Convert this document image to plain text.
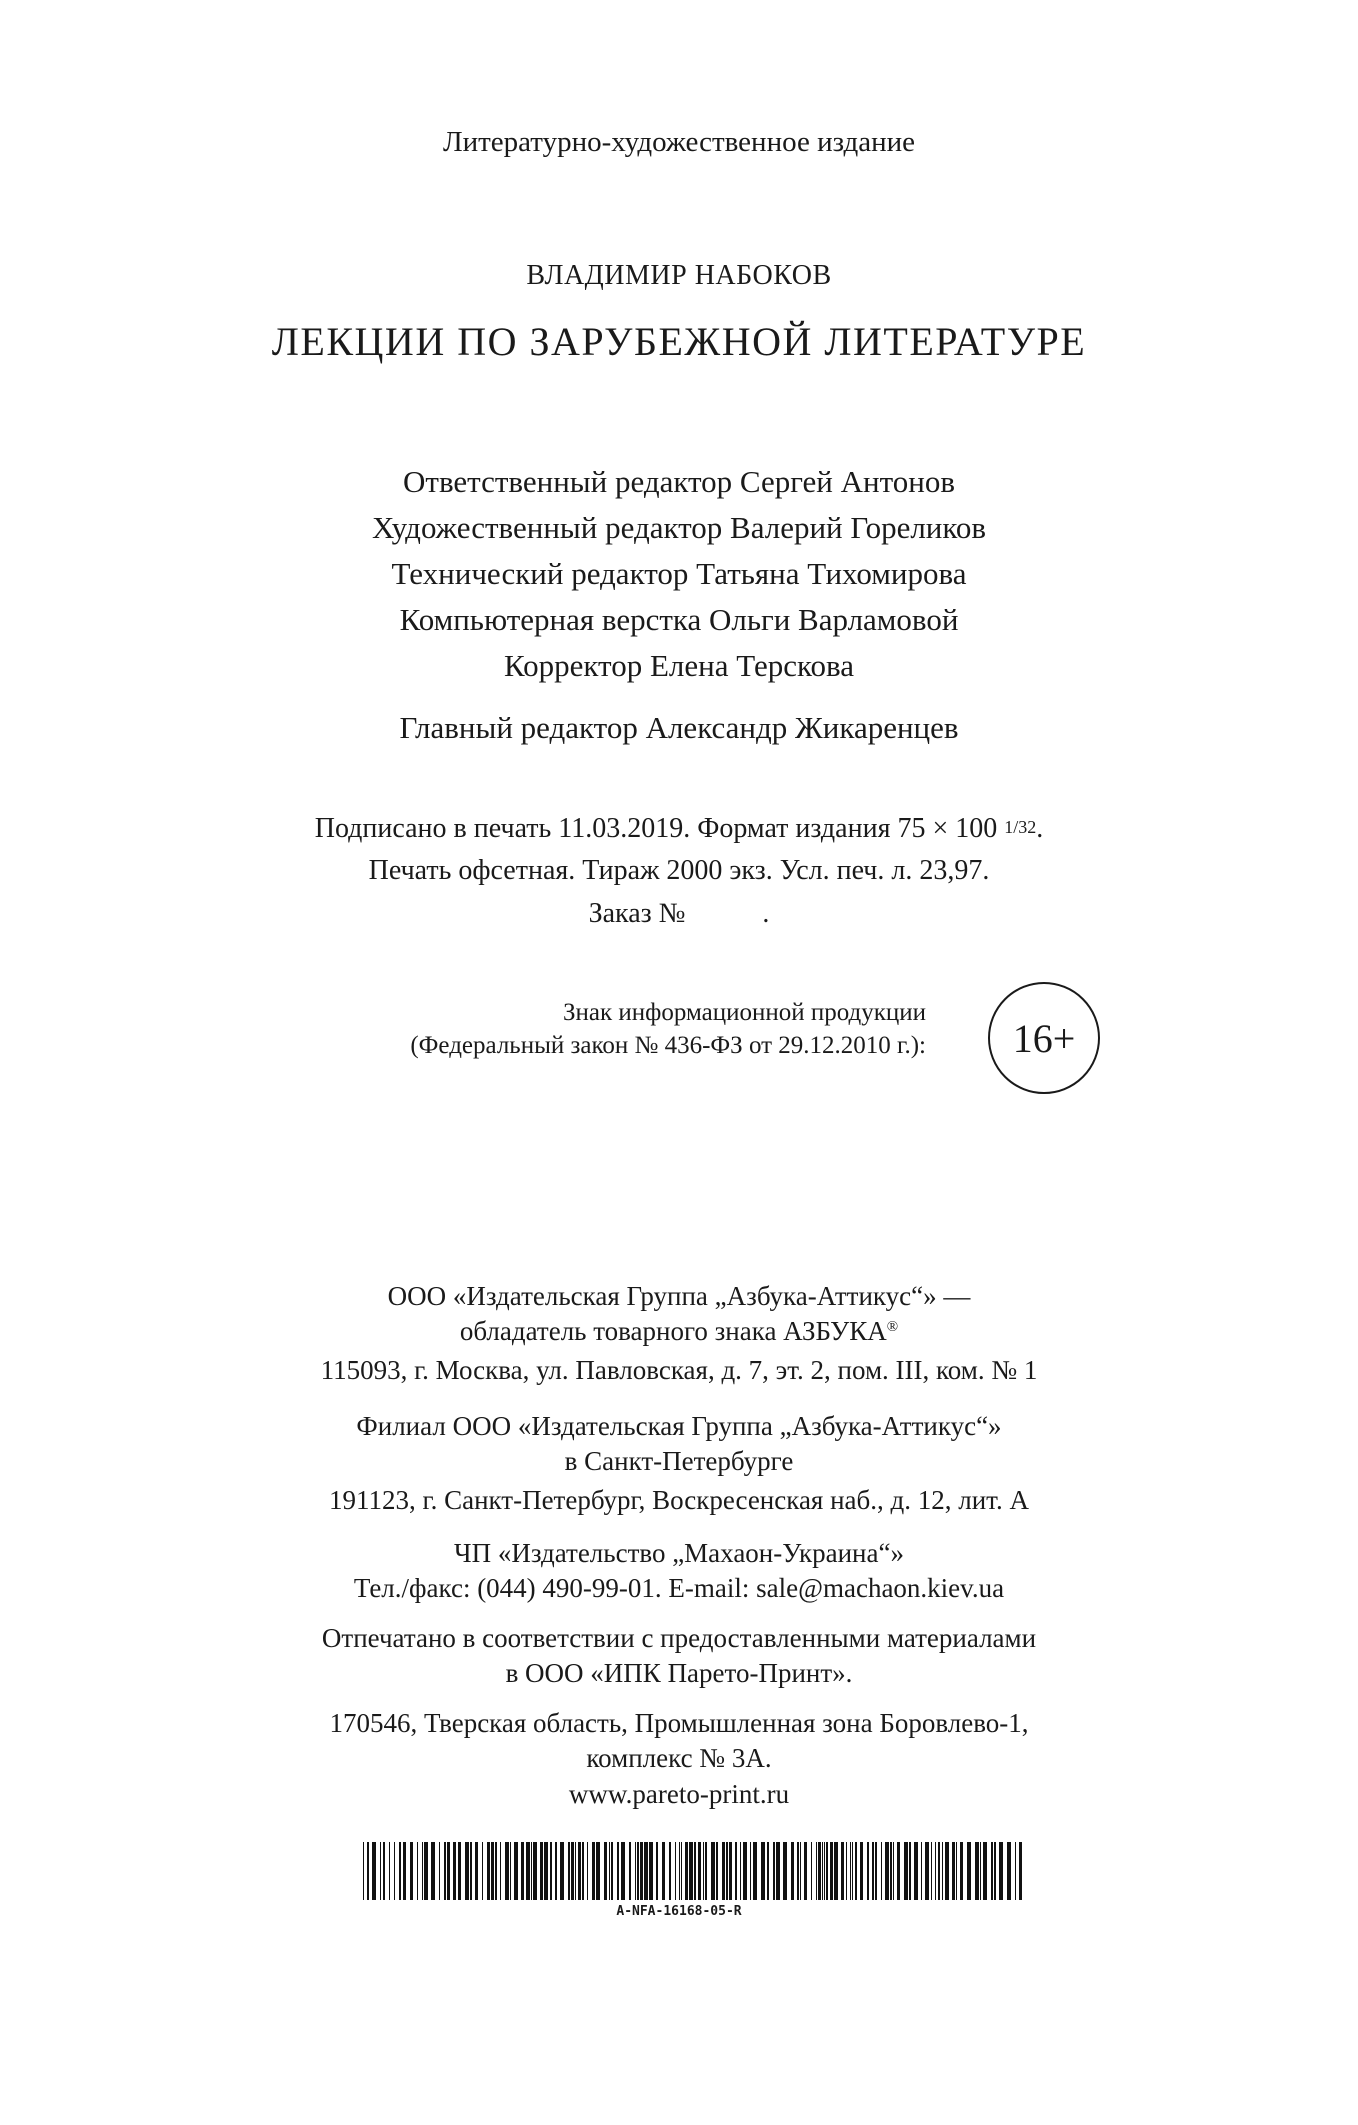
Литературно-художественное издание
ВЛАДИМИР НАБОКОВ
ЛЕКЦИИ ПО ЗАРУБЕЖНОЙ ЛИТЕРАТУРЕ
Ответственный редактор Сергей Антонов
Художественный редактор Валерий Гореликов
Технический редактор Татьяна Тихомирова
Компьютерная верстка Ольги Варламовой
Корректор Елена Терскова
Главный редактор Александр Жикаренцев
Подписано в печать 11.03.2019. Формат издания 75 × 100 1/32.
Печать офсетная. Тираж 2000 экз. Усл. печ. л. 23,97.
Заказ №           .
Знак информационной продукции
(Федеральный закон № 436-ФЗ от 29.12.2010 г.): 16+
ООО «Издательская Группа „Азбука-Аттикус“» —
обладатель товарного знака АЗБУКА®
115093, г. Москва, ул. Павловская, д. 7, эт. 2, пом. III, ком. № 1
Филиал ООО «Издательская Группа „Азбука-Аттикус“»
в Санкт-Петербурге
191123, г. Санкт-Петербург, Воскресенская наб., д. 12, лит. А
ЧП «Издательство „Махаон-Украина“»
Тел./факс: (044) 490-99-01. E-mail: sale@machaon.kiev.ua
Отпечатано в соответствии с предоставленными материалами
в ООО «ИПК Парето-Принт».
170546, Тверская область, Промышленная зона Боровлево-1,
комплекс № 3А.
www.pareto-print.ru
A-NFA-16168-05-R
